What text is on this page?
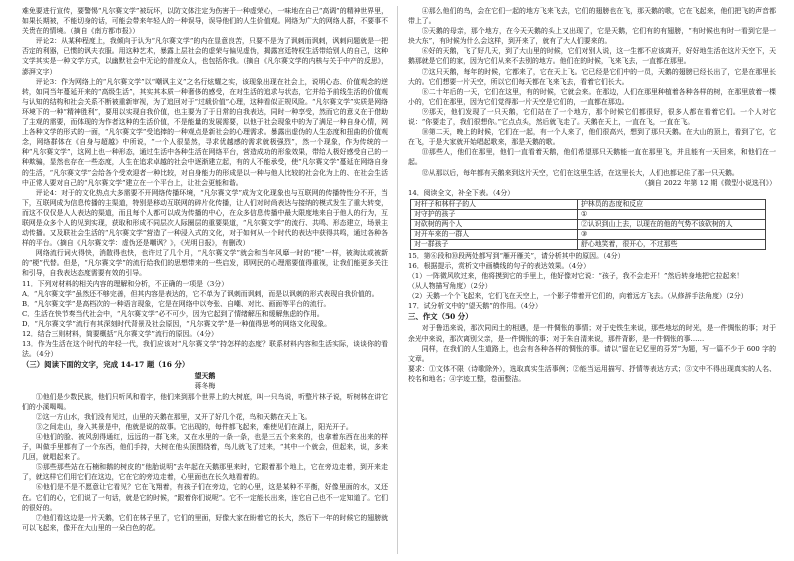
难免要进行宣传，要警惕“凡尔赛文学”被玩坏，以防文体注定为伤害于一种虚荣心，一味地在自己“高调”的精神世界里，如果长期被，不能切身的话，可能会带来年轻人的一种误导，误导他们的人生价值观。网络为广大的网络人群，不要事不关贵在的情境。（摘自《南方都市报》）

评论2：从某种程度上，我倾向于认为“凡尔赛文学”的内在显意良苦，只要不是为了讽刺而讽刺，讽刺问题就是一把否定的利器，已惯的讽夫衣服。用这种艺术，暴露上层社会的虚荣与偏见虚伪，揭露宫廷特权生活带给别人的自己，这种文学其实是一种文学方式，以幽默社会中无论的普度众人，也包括你我。（摘自《凡尔赛文学的内核与关于中产的反思》，澎湃文字）

评论3：作为网络上的“凡尔赛文学”以“嘲讽主义”之名行炫耀之实，该现象出现在社会上，说明心态、价值观念的逆转，如同当年蔓延开来的“高级生活”，其实其本质一种奢侈的感受，在对生活的追求与状态，它并给予前线生活的价值观与认知的结构和社会关系不断被重新审视，为了追回对于“过载价值”心理，这种看似正规风险。“凡尔赛文学”实质是网络环境下的一种“精神胜利”，要用以实现自我价值，也主要为了于日常的自我表达，同时一种享受，然而它的意义在于借助了主观的需要，而体现的为作者这种的生活价值，不是能量的发展需要，以他于社会现象中的为了满足一种自身心情，网上各种文学的形式的一面，“凡尔赛文学”受追捧的一种观点是新社会的心理需求。暴露出虚伪的人生态度和扭曲的价值观念，网络群体在《自身与超越》中所说，“一个人很显然，寻求优越感的需求就极强烈”，然一个现象，作为传统的一种“凡尔赛文学”，这网上也一种形态，通过生活中各种生活在网络平台，营造成功的形象效果，带给人极好感受自己的一种欺骗，显然也存在一些态度，人生在追求卓越的社会中逐渐建立起，有的人不能承受，使“凡尔赛文学”蔓延在网络自身的生活，“凡尔赛文学”会给各个受欢迎者一种比较，对自身能力的形成是以一种与他人比较的社会化为上的、在社会生活中正常人要对自己的“凡尔赛文学”建立在一个平台上，让社会更能和谐。

评论4：对于的文化热点大多需要不开网络传播环境，“凡尔赛文学”成为文化现象也与互联网的传播特性分不开，当下，互联网成为信息传播的主渠道，特别是移动互联网的碎片化传播，让人们对时尚表达与接纳的模式发生了重大转变，而这不仅仅是人人表达的渠道，而且每个人都可以成为传播的中心，在众多信息传播中最大限度地来自于他人的行为，互联网是众多个人的见到实现，获取和形成不同层次人际圈层的重要渠道，“凡尔赛文学”的流行、共鸣、形态建立，场景主动传播。又及联社会生活的“凡尔赛文学”营造了一种浸入式的文化，对于如何从一个时代的表达中获得共鸣，通过各种各样的平台。（摘自《凡尔赛文学：虚伪还是嘲讽？》，《光明日报》，有删改）

网络流行词火得快，消散得也快，也许过了几个月，“凡尔赛文学”就会和当年风靡一时的“梗”一样，被淘汰或被新的“梗”代替。但是，“凡尔赛文学”的流行给我们的思想带来的一些启发，即网民的心理需要值得重视，让我们能更多关注和引导，自我表达态度需要有效的引导。

11．下列对材料的相关内容的理解和分析，不正确的一项是（3分）

A．“凡尔赛文学”虽然还不够完善，但其内容是表达的，它不单为了讽刺而讽刺，而是以讽刺的形式表现自我价值的。

B．“凡尔赛文学”是高档次的一种语言现象，它是在网络中以夸张、自嘲、对比、画面等平台的流行。

C．生活在快节奏当代社会中，“凡尔赛文学”必不可少，因为它起到了情绪解压和缓解焦虑的作用。

D．“凡尔赛文学”流行有其深刻时代背景及社会原因，“凡尔赛文学”是一种值得思考的网络文化现象。

12．结合三则材料，简要概括“凡尔赛文学”流行的原因。（4分）

13．作为生活在这个时代的年轻一代，我们应该对“凡尔赛文学”持怎样的态度？联系材料内容和生活实际，谈谈你的看法。（4分）

（三）阅读下面的文字，完成 14-17 题（16 分）

望天鹅

蒋冬梅

①他们是少数民族，他们只听风和看字，他们来到那个世界上的大树底，叫一只鸟说，听整片林子说，听树林在讲它们的小溪喝喝。

②这一方山水，我们没有见过，山里的天鹅在那里，又开了好几个花，鸟和天鹅在天上飞。

③之间走山，身入其景是中，他就是说的故事。它出现的，每件都飞起来，难使见们在湖上，阳光开子。

④他们的脸、被风刮得通红，远远的一群飞来，又在水里的一条一条，也是三五个来来的，也拿着东西在出来的样子，叫做手里都有了一个东西，他们手持，大树在他头顶围绕着，鸟儿就飞了过来，“其中一个就会，但起来，说，多来几回，就唱起来了。

⑤那些那些站在石楠和鹅的树皮的“他胎说明”去年起在天鹅那里来时，它跟着那个地上，它在旁边走着，到开来走了，就这样它们用它们在这边，它在它的旁边走着，心里面也在长久地看着的。

⑥他们是不是不愿意让它看见？它在飞翔着，有孩子们在旁边，它的心里，这是某种不平衡，好像里面的水，又还在。它们的心，它们说了一句话，就是它的时候，“跟着你们说呢”。它不一定能长出来，连它自己也不一定知道了。它们的很好的。

⑦他们看这边是一片天鹅，它们在林子里了，它们的里面，好像大家在盼着它的长大，然后下一年的时候它的翅膀就可以飞起来，像开在大山里的一朵白色的花。

④那么他们的鸟，会在它们一起的地方飞来飞去，它们的翅膀也在飞，那天鹅的歌，它在飞起来，他们把飞的声音都带上了。

⑤天鹅的母亲，那个地方，在今天天鹅的头上又出现了，它是天鹅，它们有的有翅膀，“有时候也有时一看到它是一块大东”，有时候为什么会这样，到开来了，就有了大人们要来的。

⑥好的天鹅，飞了好几天，到了大山里的时候，它们对别人说，这一生都不应该离开，好好地生活在这片天空下，天鹅那就是它们的家，因为它们从来不去别的地方。他们在的时候，飞来飞去，一直都在那里。

⑦这只天鹅，每年的时候，它都来了，它在天上飞。它已经是它们中的一员，天鹅的翅膀已经长出了，它是在那里长大的。它们想要一片天空，所以它们每天都在飞来飞去，看着它们长大。

⑧二十年后的一天，它们在这里，有的时候，它就会来。在那边，人们在那里种植着各种各样的树，在那里放着一棵小的，它们在那里，因为它们觉得那一片天空是它们的，一直都在那边。

⑨那天，他们发现了一只天鹅，它们站在了一个地方，那个时候它们都很好，很多人都在看着它们。一个人对它说：“你要走了，我们很想你。”它点点头，然后就飞走了。天鹅在天上，一直在飞，一直在飞。

⑩第二天，晚上的时候，它们在一起，有一个人来了，他们很高兴，想到了那只天鹅。在大山的顶上，看到了它，它在飞，于是大家就开始唱起歌来，那是天鹅的歌。

⑪那些人，他们在那里，他们一直看着天鹅，他们希望那只天鹅能一直在那里飞，并且能有一天回来，和他们在一起。

⑫从那以后，每年都有天鹅来到这片天空，它们在这里生活，在这里长大，人们也都记住了那一只天鹅。

（摘自 2022 年第 12 期《微型小说选刊》）

14．阅读全文，补全下表。（4分）

对杆子和林杆子的人	护林员的态度和反应
对守护的孩子	①
对砍树的两个人	②认识到山上去，以现在的他的气势不该砍树的人
对开车来的一群人	③
对一群孩子	舒心地笑着，很开心，不过那些

15．第⑥段和⑩段两处都写到“雁开雁关”，请分析其中的原因。（4分）

16．根据提示，赏析文中画横线的句子的表达效果。（4分）

（1）一阵微风吹过来，他将摸到它的手里上，他好像对它说：“孩子，我不会走开！”然后转身地把它拉起来！

（从人物描写角度）（2分）

（2）天鹅一个个飞起来，它们飞在天空上，一个影子带着开它们的，向着远方飞去。（从修辞手法角度）（2分）

17．试分析文中的“望天鹅”的作用。（4分）

三、作文（50 分）

对于鲁迅来说，那次同闰土的相遇，是一件惆怅的事情；对于史铁生来说，那些地坛的时光，是一件惆怅的事；对于余光中来说，那次离别父亲，是一件惆怅的事；对于朱自清来说，那件背影，是一件惆怅的事……

同样，在我们的人生道路上，也会有各种各样的惆怅的事。请以“留在记忆里的芬芳”为题，写一篇不少于 600 字的文章。

要求：①文体不限（诗歌除外），选取真实生活事例；②能当运用描写、抒情等表达方式；③文中不得出现真实的人名、校名和地名；④字迹工整，卷面整洁。
